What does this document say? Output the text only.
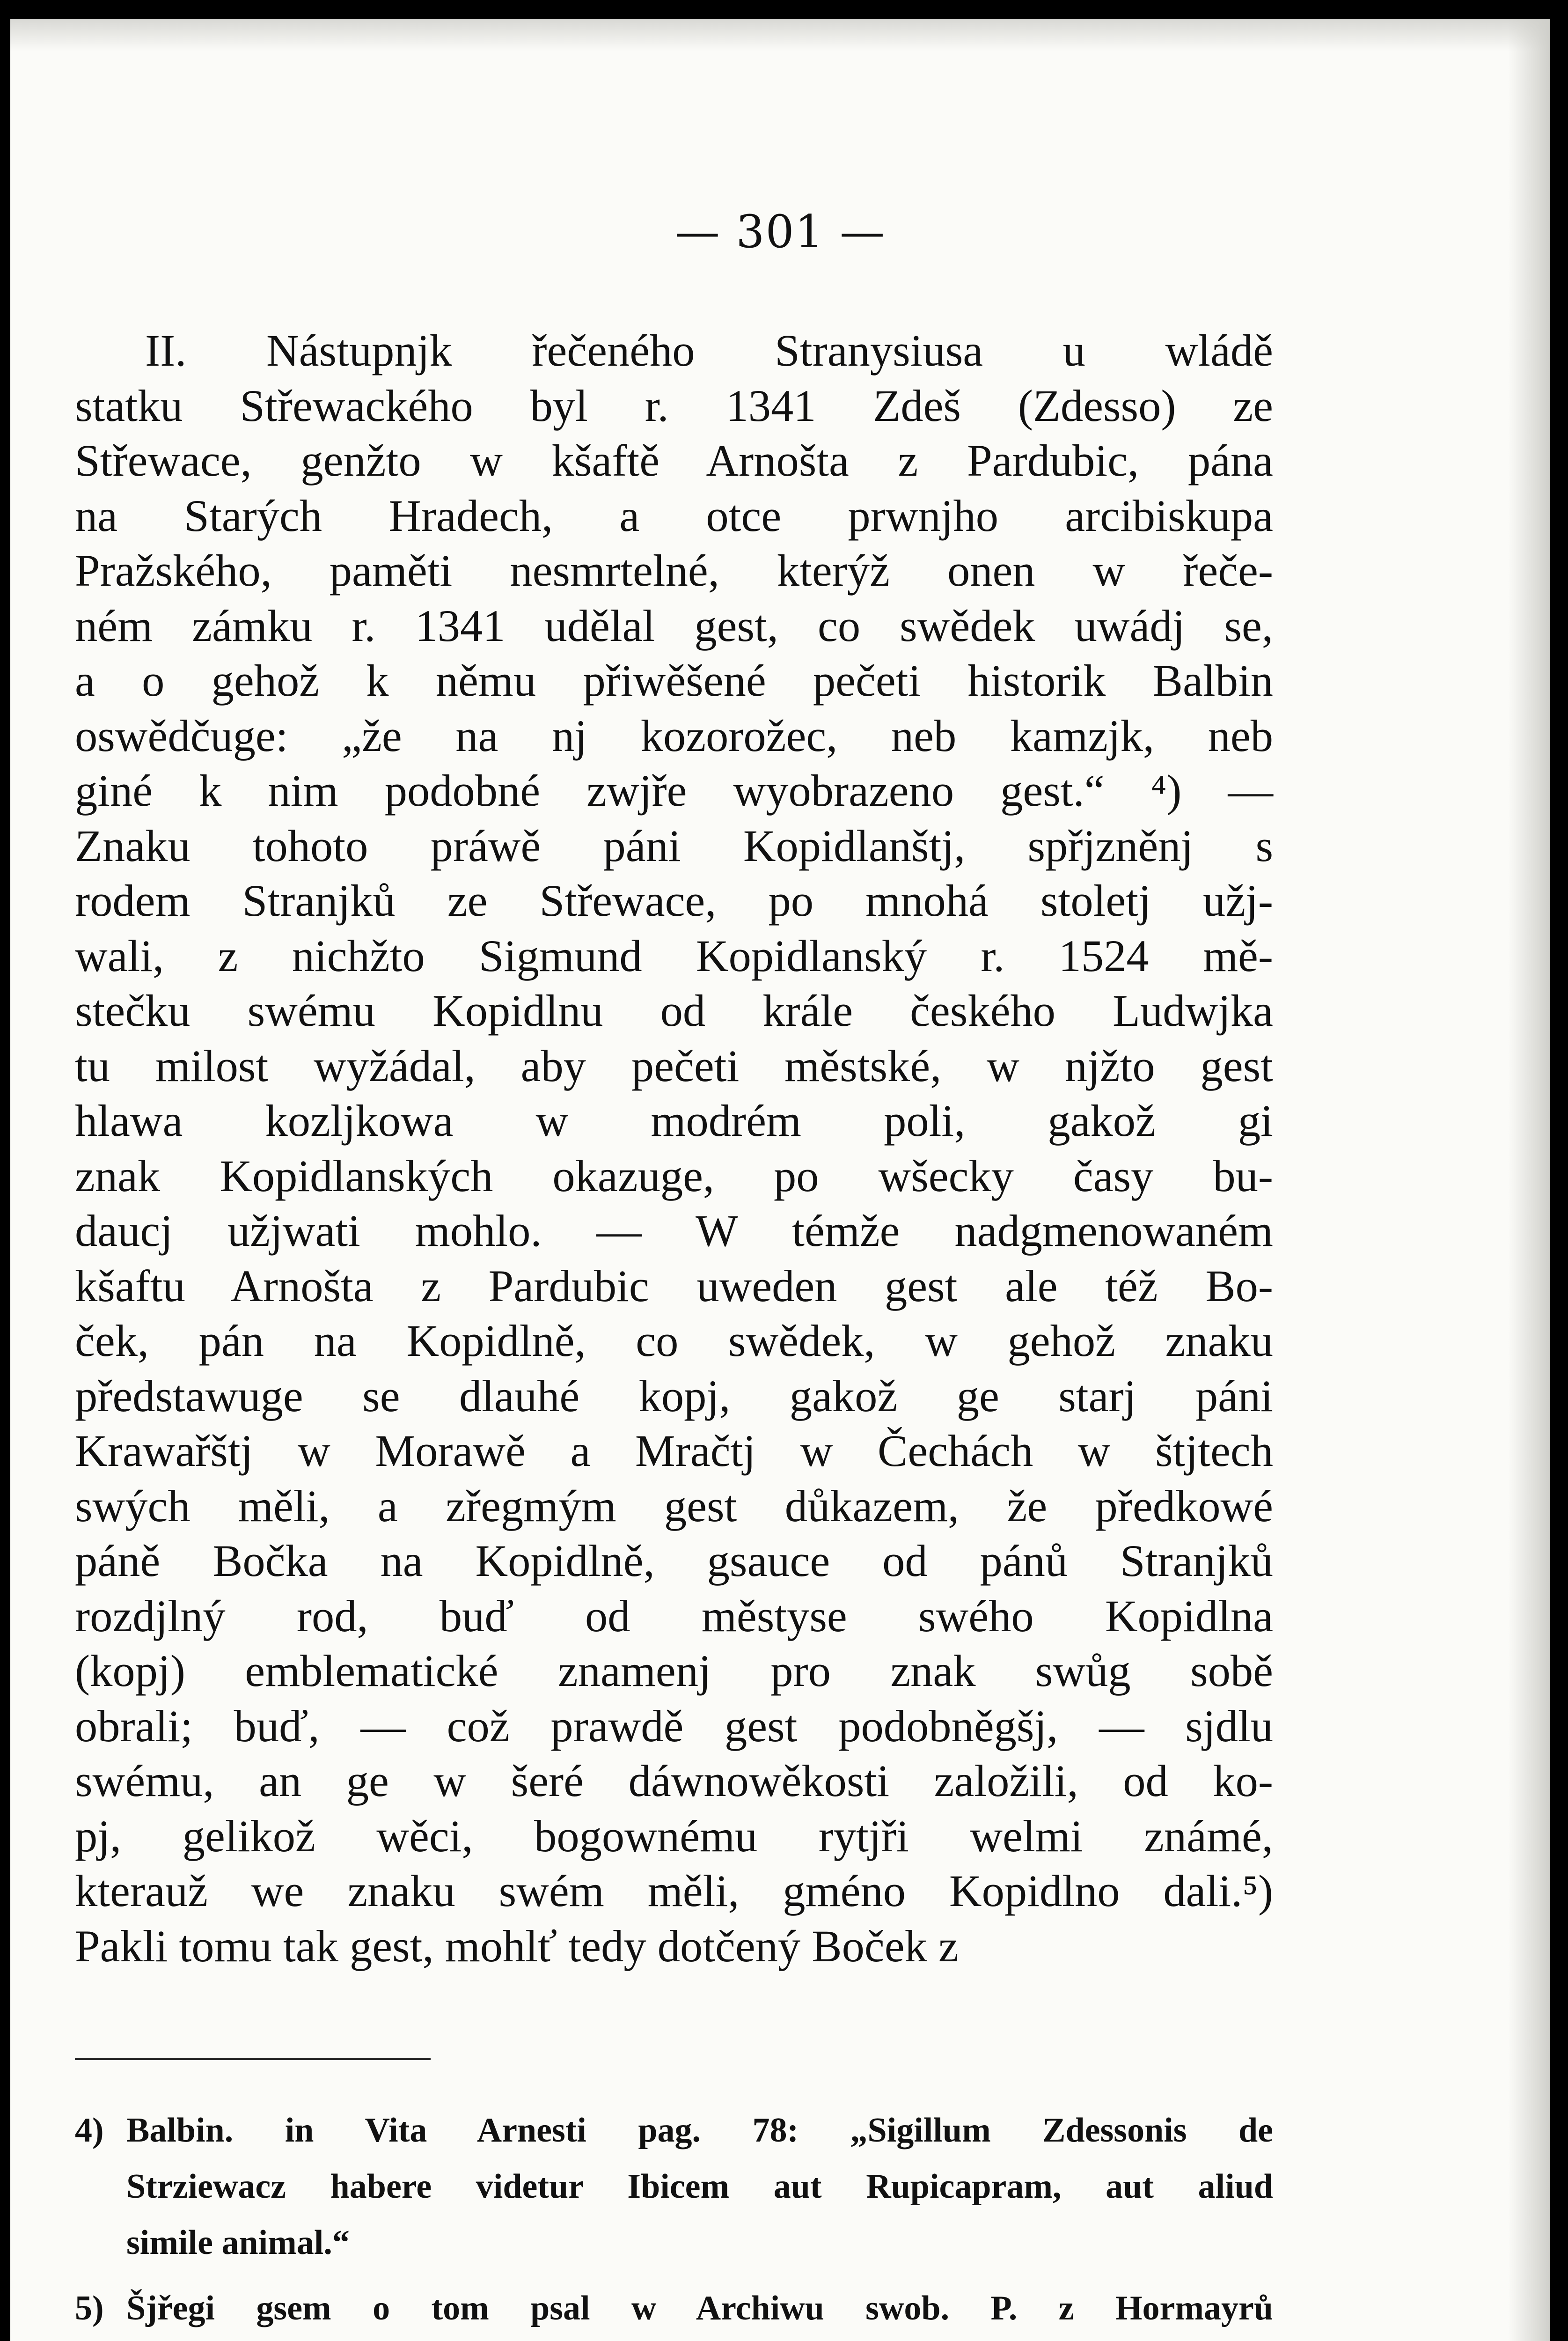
— 301 —
II. Nástupnjk řečeného Stranysiusa u wládě
statku Střewackého byl r. 1341 Zdeš (Zdesso) ze
Střewace, genžto w kšaftě Arnošta z Pardubic, pána
na Starých Hradech, a otce prwnjho arcibiskupa
Pražského, paměti nesmrtelné, kterýž onen w řeče-
ném zámku r. 1341 udělal gest, co swědek uwádj se,
a o gehož k němu přiwěšené pečeti historik Balbin
oswědčuge: „že na nj kozorožec, neb kamzjk, neb
giné k nim podobné zwjře wyobrazeno gest.“ ⁴) —
Znaku tohoto práwě páni Kopidlanštj, spřjzněnj s
rodem Stranjků ze Střewace, po mnohá stoletj užj-
wali, z nichžto Sigmund Kopidlanský r. 1524 mě-
stečku swému Kopidlnu od krále českého Ludwjka
tu milost wyžádal, aby pečeti městské, w njžto gest
hlawa kozljkowa w modrém poli, gakož gi
znak Kopidlanských okazuge, po wšecky časy bu-
daucj užjwati mohlo. — W témže nadgmenowaném
kšaftu Arnošta z Pardubic uweden gest ale též Bo-
ček, pán na Kopidlně, co swědek, w gehož znaku
předstawuge se dlauhé kopj, gakož ge starj páni
Krawařštj w Morawě a Mračtj w Čechách w štjtech
swých měli, a zřegmým gest důkazem, že předkowé
páně Bočka na Kopidlně, gsauce od pánů Stranjků
rozdjlný rod, buď od městyse swého Kopidlna
(kopj) emblematické znamenj pro znak swůg sobě
obrali; buď, — což prawdě gest podobněgšj, — sjdlu
swému, an ge w šeré dáwnowěkosti založili, od ko-
pj, gelikož wěci, bogownému rytjři welmi známé,
kterauž we znaku swém měli, gméno Kopidlno dali.⁵)
Pakli tomu tak gest, mohlť tedy dotčený Boček z
4) Balbin. in Vita Arnesti pag. 78: „Sigillum Zdessonis de
Strziewacz habere videtur Ibicem aut Rupicapram, aut aliud
simile animal.“
5) Šjřegi gsem o tom psal w Archiwu swob. P. z Hormayrů
